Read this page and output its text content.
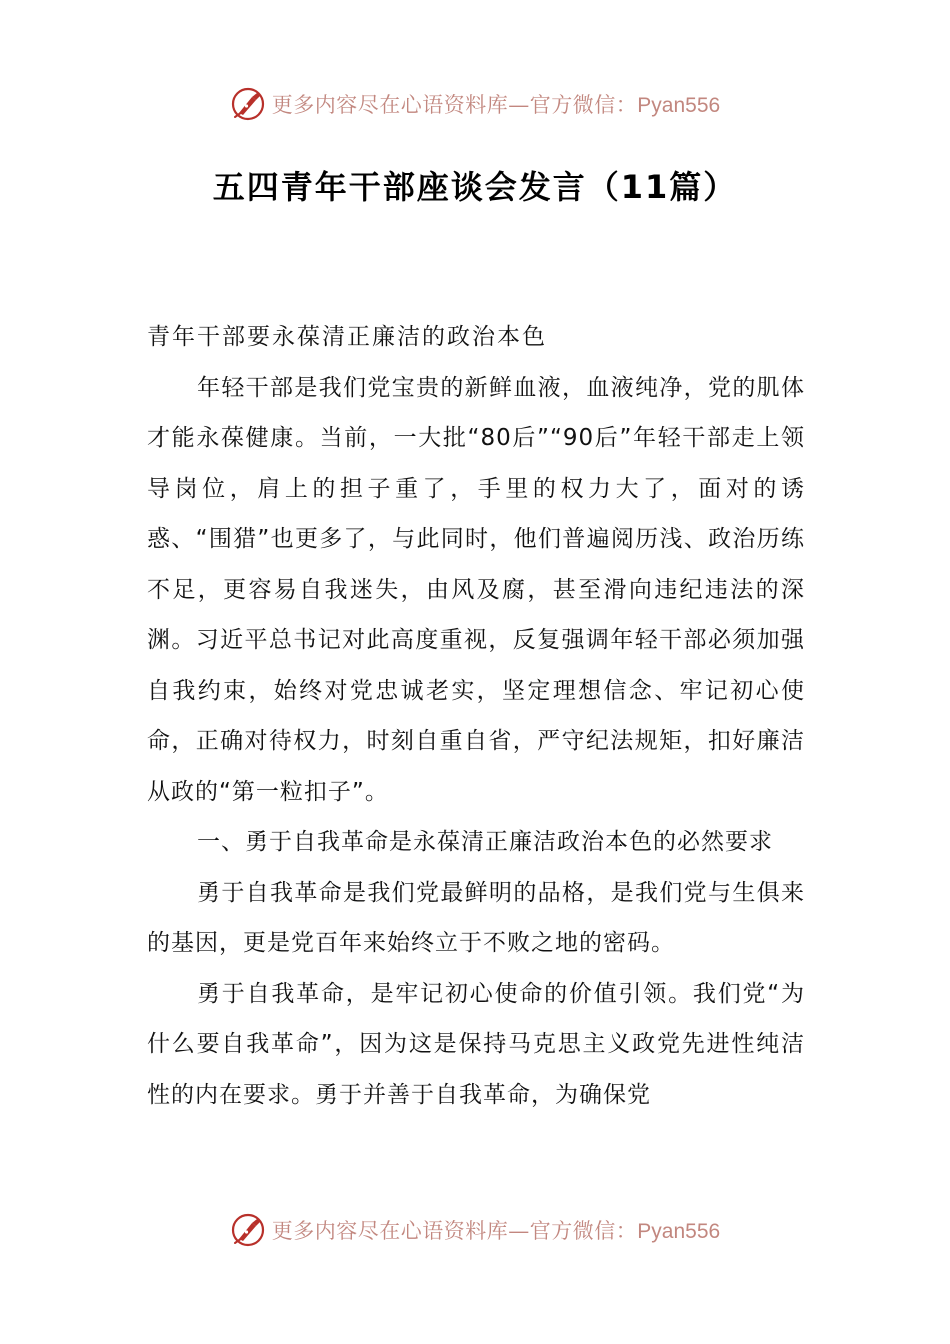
更多内容尽在心语资料库—官方微信：Pyan556
五四青年干部座谈会发言（11篇）

青年干部要永葆清正廉洁的政治本色

年轻干部是我们党宝贵的新鲜血液，血液纯净，党的肌体才能永葆健康。当前，一大批“80后”“90后”年轻干部走上领导岗位，肩上的担子重了，手里的权力大了，面对的诱惑、“围猎”也更多了，与此同时，他们普遍阅历浅、政治历练不足，更容易自我迷失，由风及腐，甚至滑向违纪违法的深渊。习近平总书记对此高度重视，反复强调年轻干部必须加强自我约束，始终对党忠诚老实，坚定理想信念、牢记初心使命，正确对待权力，时刻自重自省，严守纪法规矩，扣好廉洁从政的“第一粒扣子”。

一、勇于自我革命是永葆清正廉洁政治本色的必然要求

勇于自我革命是我们党最鲜明的品格，是我们党与生俱来的基因，更是党百年来始终立于不败之地的密码。

勇于自我革命，是牢记初心使命的价值引领。我们党“为什么要自我革命”，因为这是保持马克思主义政党先进性纯洁性的内在要求。勇于并善于自我革命，为确保党

更多内容尽在心语资料库—官方微信：Pyan556
